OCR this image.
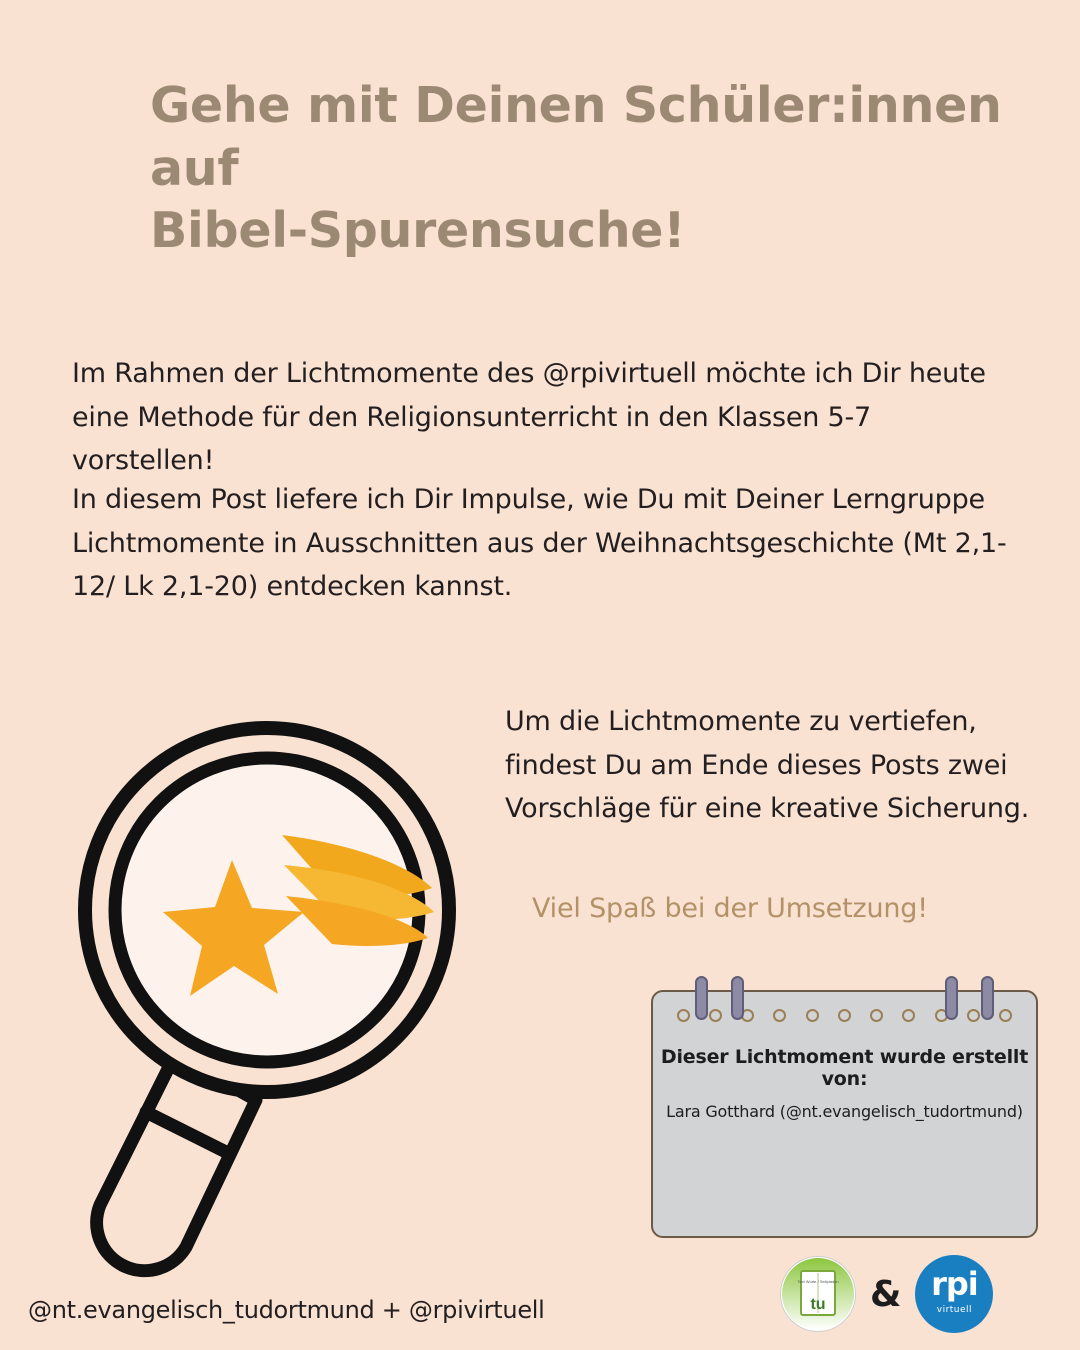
Gehe mit Deinen Schüler:innen auf
Bibel-Spurensuche!
Im Rahmen der Lichtmomente des @rpivirtuell möchte ich Dir heute eine Methode für den Religionsunterricht in den Klassen 5-7 vorstellen!
In diesem Post liefere ich Dir Impulse, wie Du mit Deiner Lerngruppe Lichtmomente in Ausschnitten aus der Weihnachtsgeschichte (Mt 2,1-12/ Lk 2,1-20) entdecken kannst.
Um die Lichtmomente zu vertiefen, findest Du am Ende dieses Posts zwei Vorschläge für eine kreative Sicherung.
Viel Spaß bei der Umsetzung!
Dieser Lichtmoment wurde erstellt von:
Lara Gotthard (@nt.evangelisch_tudortmund)
@nt.evangelisch_tudortmund + @rpivirtuell
Text Worte / Seitpladen
tu & rpi
virtuell
